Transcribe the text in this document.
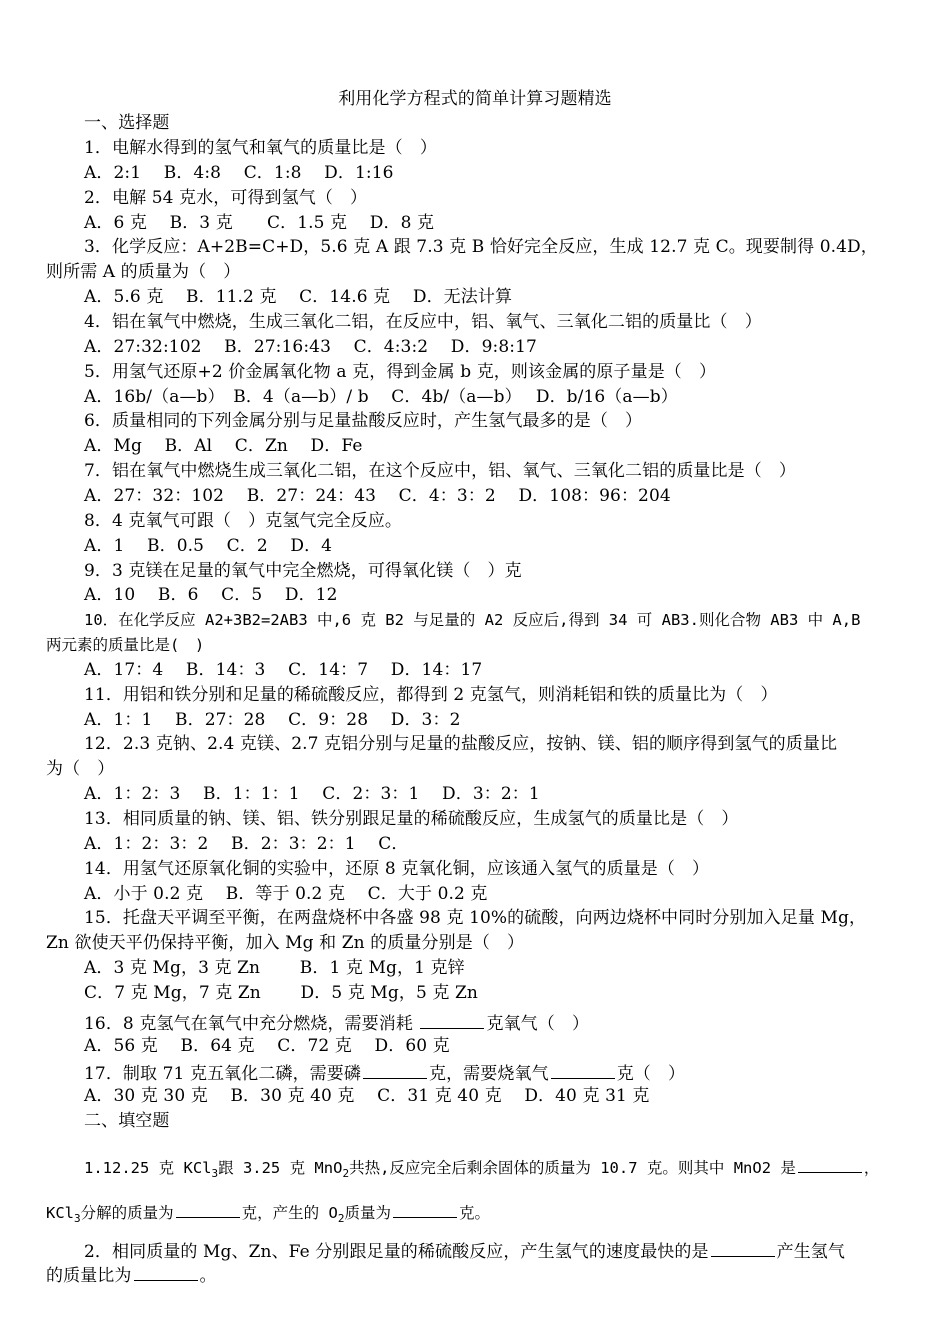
利用化学方程式的简单计算习题精选
一、选择题
1．电解水得到的氢气和氧气的质量比是（　）
A．2:1　 B．4:8　 C．1:8　 D．1:16
2．电解 54 克水，可得到氢气（　）
A．6 克　 B．3 克　　C．1.5 克　 D．8 克
3．化学反应：A+2B=C+D，5.6 克 A 跟 7.3 克 B 恰好完全反应，生成 12.7 克 C。现要制得 0.4D，
则所需 A 的质量为（　）
A．5.6 克　 B．11.2 克　 C．14.6 克　 D．无法计算
4．铝在氧气中燃烧，生成三氧化二铝，在反应中，铝、氧气、三氧化二铝的质量比（　）
A．27:32:102　 B．27:16:43　 C．4:3:2　 D．9:8:17
5．用氢气还原+2 价金属氧化物 a 克，得到金属 b 克，则该金属的原子量是（　）
A．16b/（a—b）　B．4（a—b）/ b　 C．4b/（a—b）　 D．b/16（a—b）
6．质量相同的下列金属分别与足量盐酸反应时，产生氢气最多的是（　）
A．Mg　 B．Al　 C．Zn　 D．Fe
7．铝在氧气中燃烧生成三氧化二铝，在这个反应中，铝、氧气、三氧化二铝的质量比是（　）
A．27：32：102　 B．27：24：43　 C．4：3：2　 D．108：96：204
8．4 克氧气可跟（　）克氢气完全反应。
A．1　 B．0.5　 C．2　 D．4
9．3 克镁在足量的氧气中完全燃烧，可得氧化镁（　）克
A．10　 B．6　 C．5　 D．12
10．在化学反应 A2+3B2=2AB3 中,6 克 B2 与足量的 A2 反应后,得到 34 可 AB3.则化合物 AB3 中 A,B
两元素的质量比是(　)
A．17：4　 B．14：3　 C．14：7　 D．14：17
11．用铝和铁分别和足量的稀硫酸反应，都得到 2 克氢气，则消耗铝和铁的质量比为（　）
A．1：1　 B．27：28　 C．9：28　 D．3：2
12．2.3 克钠、2.4 克镁、2.7 克铝分别与足量的盐酸反应，按钠、镁、铝的顺序得到氢气的质量比
为（　）
A．1：2：3　 B．1：1：1　 C．2：3：1　 D．3：2：1
13．相同质量的钠、镁、铝、铁分别跟足量的稀硫酸反应，生成氢气的质量比是（　）
A．1：2：3：2　 B．2：3：2：1　 C．
14．用氢气还原氧化铜的实验中，还原 8 克氧化铜，应该通入氢气的质量是（　）
A．小于 0.2 克　 B．等于 0.2 克　 C．大于 0.2 克
15．托盘天平调至平衡，在两盘烧杯中各盛 98 克 10%的硫酸，向两边烧杯中同时分别加入足量 Mg，
Zn 欲使天平仍保持平衡，加入 Mg 和 Zn 的质量分别是（　）
A．3 克 Mg，3 克 Zn　　 B．1 克 Mg，1 克锌
C．7 克 Mg，7 克 Zn　　 D．5 克 Mg，5 克 Zn
16．8 克氢气在氧气中充分燃烧，需要消耗	克氧气（　）
A．56 克　 B．64 克　 C．72 克　 D．60 克
17．制取 71 克五氧化二磷，需要磷	克，需要烧氧气	克（　）
A．30 克 30 克　 B．30 克 40 克　 C．31 克 40 克　 D．40 克 31 克
二、填空题
1.12.25 克 KCl$_3$跟 3.25 克 MnO$_2$共热,反应完全后剩余固体的质量为 10.7 克。则其中 MnO2 是	，
KCl$_3$分解的质量为	克，产生的 $O_2$质量为	克。
2．相同质量的 Mg、Zn、Fe 分别跟足量的稀硫酸反应，产生氢气的速度最快的是	产生氢气
的质量比为	。
